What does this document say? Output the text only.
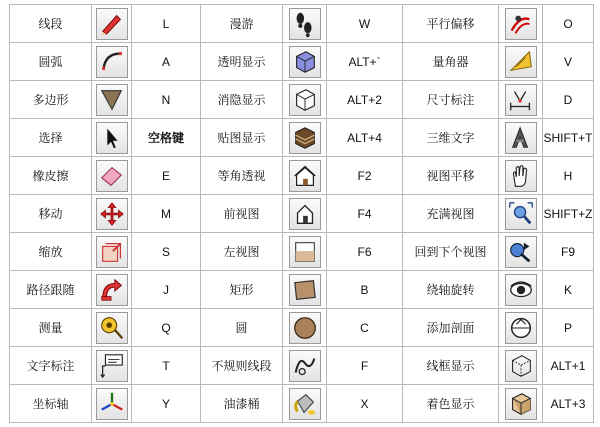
线段		L	漫游		W	平行偏移		O
圆弧		A	透明显示		ALT+`	量角器		V
多边形		N	消隐显示		ALT+2	尺寸标注		D
选择		空格键	贴图显示		ALT+4	三维文字		SHIFT+T
橡皮擦		E	等角透视		F2	视图平移		H
移动		M	前视图		F4	充满视图		SHIFT+Z
缩放		S	左视图		F6	回到下个视图		F9
路径跟随		J	矩形		B	绕轴旋转		K
测量		Q	圆		C	添加剖面		P
文字标注		T	不规则线段		F	线框显示		ALT+1
坐标轴		Y	油漆桶		X	着色显示		ALT+3
